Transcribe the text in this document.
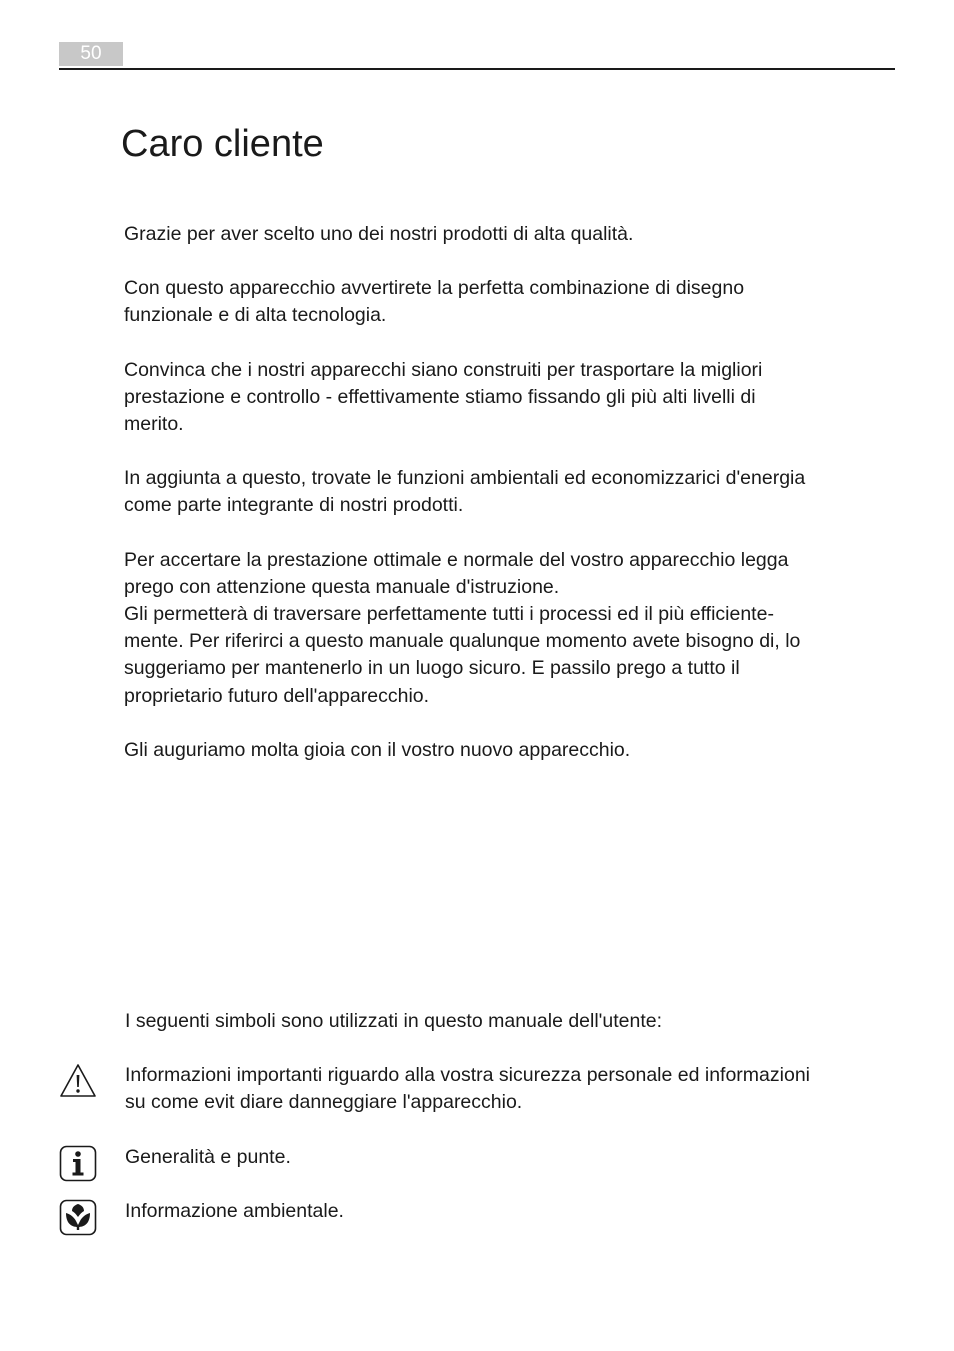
50
Caro cliente

Grazie per aver scelto uno dei nostri prodotti di alta qualità.

Con questo apparecchio avvertirete la perfetta combinazione di disegno
funzionale e di alta tecnologia.

Convinca che i nostri apparecchi siano construiti per trasportare la migliori
prestazione e controllo - effettivamente stiamo fissando gli più alti livelli di
merito.

In aggiunta a questo, trovate le funzioni ambientali ed economizzarici d'energia
come parte integrante di nostri prodotti.

Per accertare la prestazione ottimale e normale del vostro apparecchio legga
prego con attenzione questa manuale d'istruzione.

Gli permetterà di traversare perfettamente tutti i processi ed il più efficiente-
mente. Per riferirci a questo manuale qualunque momento avete bisogno di, lo
suggeriamo per mantenerlo in un luogo sicuro. E passilo prego a tutto il
proprietario futuro dell'apparecchio.

Gli auguriamo molta gioia con il vostro nuovo apparecchio.

I seguenti simboli sono utilizzati in questo manuale dell'utente:

Informazioni importanti riguardo alla vostra sicurezza personale ed informazioni
su come evit diare danneggiare l'apparecchio.

Generalità e punte.

Informazione ambientale.
